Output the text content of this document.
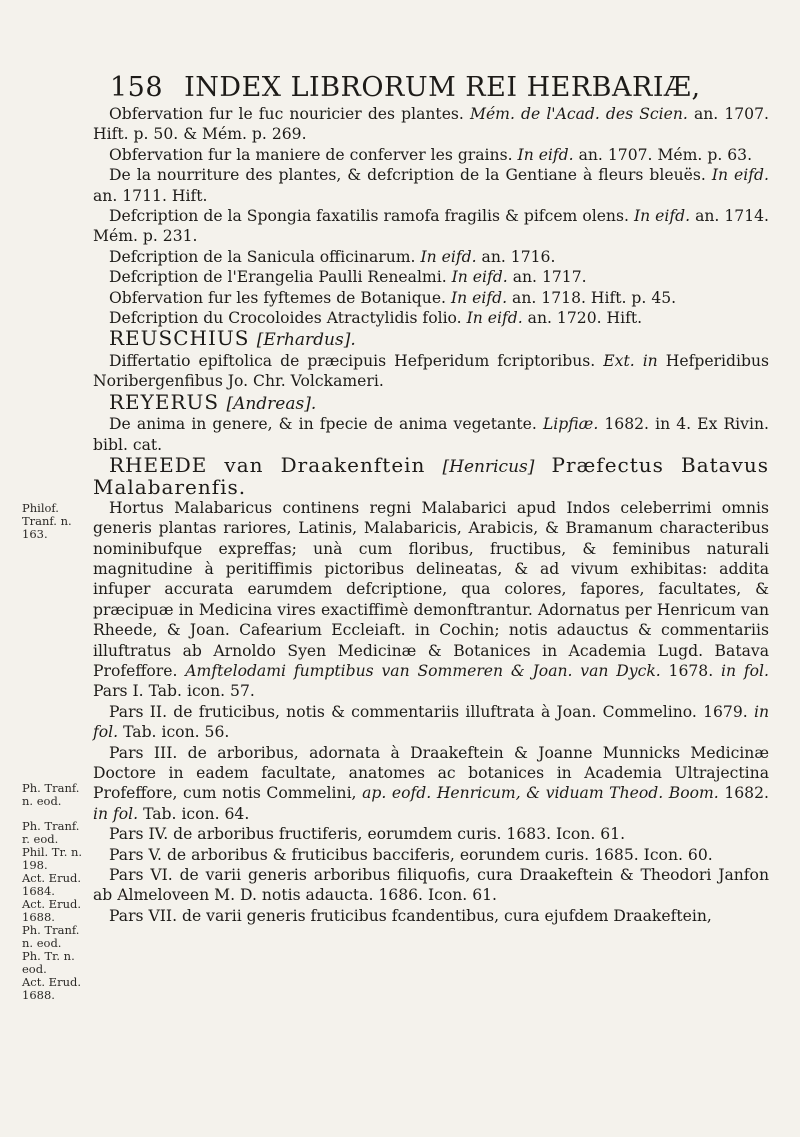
158 INDEX LIBRORUM REI HERBARIÆ,
Philof. Tranf. n. 163.
Ph. Tranf. n. eod.
Ph. Tranf. r. eod.
Phil. Tr. n. 198.
Act. Erud. 1684.
Act. Erud. 1688.
Ph. Tranf. n. eod.
Ph. Tr. n. eod.
Act. Erud. 1688.

Obfervation fur le fuc nouricier des plantes. Mém. de l'Acad. des Scien. an. 1707. Hift. p. 50. & Mém. p. 269.

Obfervation fur la maniere de conferver les grains. In eifd. an. 1707. Mém. p. 63.

De la nourriture des plantes, & defcription de la Gentiane à fleurs bleuës. In eifd. an. 1711. Hift.

Defcription de la Spongia faxatilis ramofa fragilis & pifcem olens. In eifd. an. 1714. Mém. p. 231.

Defcription de la Sanicula officinarum. In eifd. an. 1716.

Defcription de l'Erangelia Paulli Renealmi. In eifd. an. 1717.

Obfervation fur les fyftemes de Botanique. In eifd. an. 1718. Hift. p. 45.

Defcription du Crocoloides Atractylidis folio. In eifd. an. 1720. Hift.

REUSCHIUS [Erhardus].

Differtatio epiftolica de præcipuis Hefperidum fcriptoribus. Ext. in Hefperidibus Noribergenfibus Jo. Chr. Volckameri.

REYERUS [Andreas].

De anima in genere, & in fpecie de anima vegetante. Lipfiæ. 1682. in 4. Ex Rivin. bibl. cat.

RHEEDE van Draakenftein [Henricus] Præfectus Batavus Malabarenfis.

Hortus Malabaricus continens regni Malabarici apud Indos celeberrimi omnis generis plantas rariores, Latinis, Malabaricis, Arabicis, & Bramanum characteribus nominibufque expreffas; unà cum floribus, fructibus, & feminibus naturali magnitudine à peritiffimis pictoribus delineatas, & ad vivum exhibitas: addita infuper accurata earumdem defcriptione, qua colores, fapores, facultates, & præcipuæ in Medicina vires exactiffimè demonftrantur. Adornatus per Henricum van Rheede, & Joan. Cafearium Eccleiaft. in Cochin; notis adauctus & commentariis illuftratus ab Arnoldo Syen Medicinæ & Botanices in Academia Lugd. Batava Profeffore. Amftelodami fumptibus van Sommeren & Joan. van Dyck. 1678. in fol. Pars I. Tab. icon. 57.

Pars II. de fruticibus, notis & commentariis illuftrata à Joan. Commelino. 1679. in fol. Tab. icon. 56.

Pars III. de arboribus, adornata à Draakeftein & Joanne Munnicks Medicinæ Doctore in eadem facultate, anatomes ac botanices in Academia Ultrajectina Profeffore, cum notis Commelini, ap. eofd. Henricum, & viduam Theod. Boom. 1682. in fol. Tab. icon. 64.

Pars IV. de arboribus fructiferis, eorumdem curis. 1683. Icon. 61.

Pars V. de arboribus & fruticibus bacciferis, eorundem curis. 1685. Icon. 60.

Pars VI. de varii generis arboribus filiquofis, cura Draakeftein & Theodori Janfon ab Almeloveen M. D. notis adaucta. 1686. Icon. 61.

Pars VII. de varii generis fruticibus fcandentibus, cura ejufdem Draakeftein,
